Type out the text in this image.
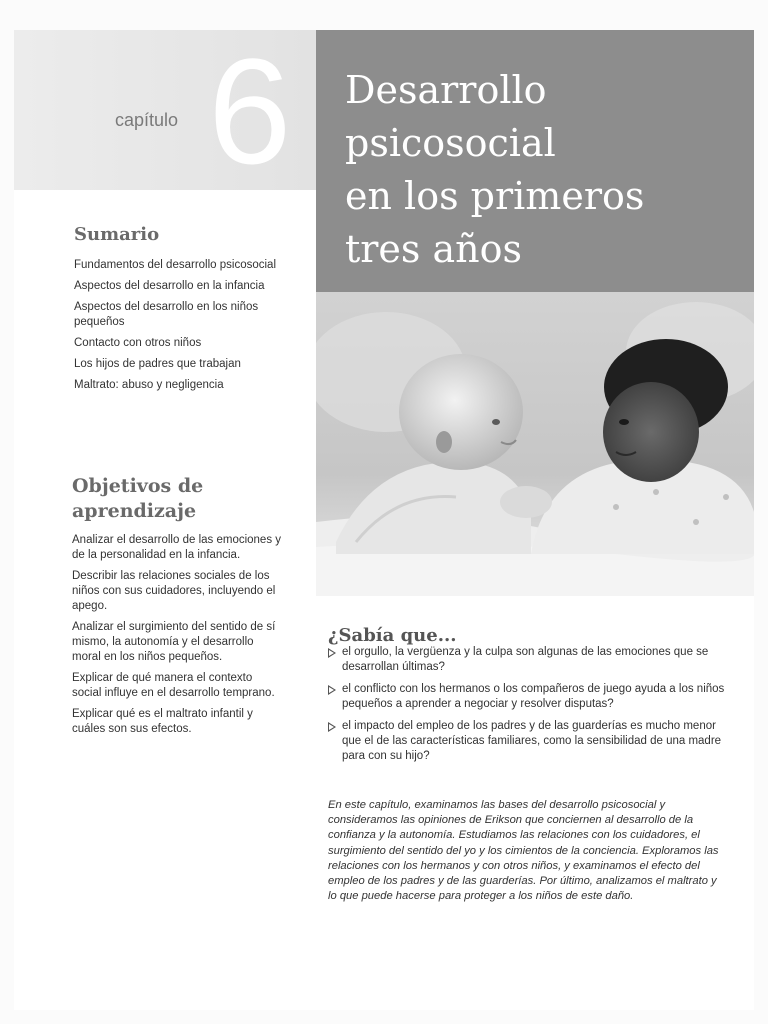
capítulo 6 Desarrollo
psicosocial
en los primeros
tres años
Sumario
Fundamentos del desarrollo psicosocial
Aspectos del desarrollo en la infancia
Aspectos del desarrollo en los niños pequeños
Contacto con otros niños
Los hijos de padres que trabajan
Maltrato: abuso y negligencia
Objetivos de aprendizaje
Analizar el desarrollo de las emociones y de la personalidad en la infancia.
Describir las relaciones sociales de los niños con sus cuidadores, incluyendo el apego.
Analizar el surgimiento del sentido de sí mismo, la autonomía y el desarrollo moral en los niños pequeños.
Explicar de qué manera el contexto social influye en el desarrollo temprano.
Explicar qué es el maltrato infantil y cuáles son sus efectos.
¿Sabía que...
el orgullo, la vergüenza y la culpa son algunas de las emociones que se desarrollan últimas?
el conflicto con los hermanos o los compañeros de juego ayuda a los niños pequeños a aprender a negociar y resolver disputas?
el impacto del empleo de los padres y de las guarderías es mucho menor que el de las características familiares, como la sensibilidad de una madre para con su hijo?

En este capítulo, examinamos las bases del desarrollo psicosocial y consideramos las opiniones de Erikson que conciernen al desarrollo de la confianza y la autonomía. Estudiamos las relaciones con los cuidadores, el surgimiento del sentido del yo y los cimientos de la conciencia. Exploramos las relaciones con los hermanos y con otros niños, y examinamos el efecto del empleo de los padres y de las guarderías. Por último, analizamos el maltrato y lo que puede hacerse para proteger a los niños de este daño.
